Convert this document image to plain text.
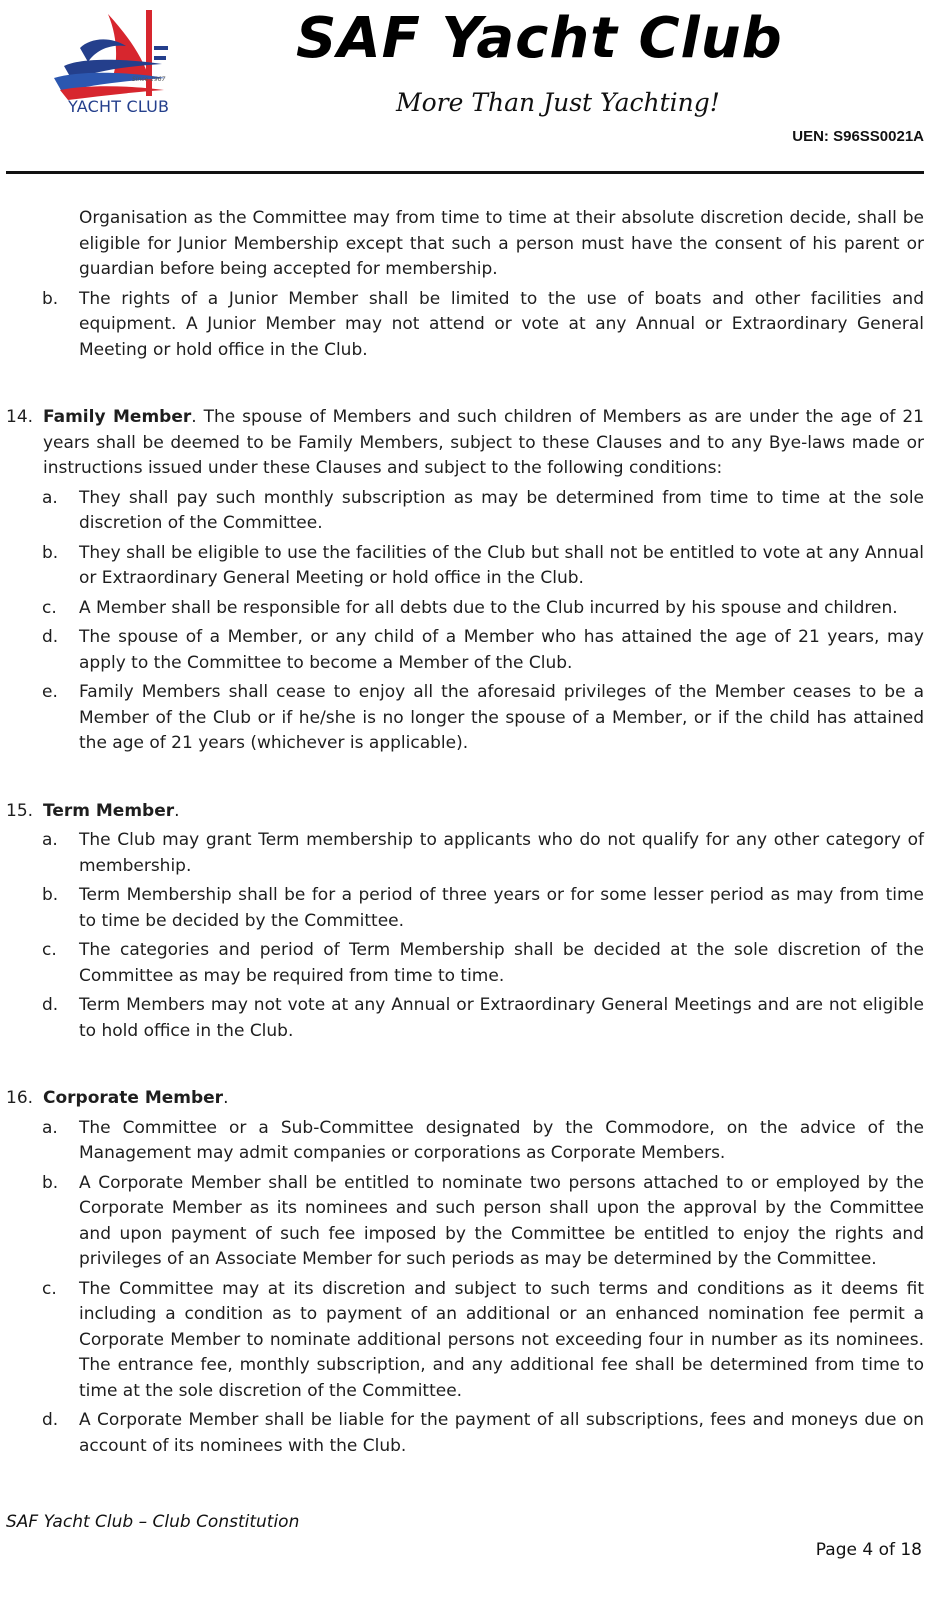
Since 1967
YACHT CLUB
SAF Yacht Club
More Than Just Yachting!
UEN: S96SS0021A

Organisation as the Committee may from time to time at their absolute discretion decide, shall be eligible for Junior Membership except that such a person must have the consent of his parent or guardian before being accepted for membership.

b. The rights of a Junior Member shall be limited to the use of boats and other facilities and equipment. A Junior Member may not attend or vote at any Annual or Extraordinary General Meeting or hold office in the Club.

14. Family Member. The spouse of Members and such children of Members as are under the age of 21 years shall be deemed to be Family Members, subject to these Clauses and to any Bye-laws made or instructions issued under these Clauses and subject to the following conditions:

a. They shall pay such monthly subscription as may be determined from time to time at the sole discretion of the Committee.

b. They shall be eligible to use the facilities of the Club but shall not be entitled to vote at any Annual or Extraordinary General Meeting or hold office in the Club.

c. A Member shall be responsible for all debts due to the Club incurred by his spouse and children.

d. The spouse of a Member, or any child of a Member who has attained the age of 21 years, may apply to the Committee to become a Member of the Club.

e. Family Members shall cease to enjoy all the aforesaid privileges of the Member ceases to be a Member of the Club or if he/she is no longer the spouse of a Member, or if the child has attained the age of 21 years (whichever is applicable).

15. Term Member.

a. The Club may grant Term membership to applicants who do not qualify for any other category of membership.

b. Term Membership shall be for a period of three years or for some lesser period as may from time to time be decided by the Committee.

c. The categories and period of Term Membership shall be decided at the sole discretion of the Committee as may be required from time to time.

d. Term Members may not vote at any Annual or Extraordinary General Meetings and are not eligible to hold office in the Club.

16. Corporate Member.

a. The Committee or a Sub-Committee designated by the Commodore, on the advice of the Management may admit companies or corporations as Corporate Members.

b. A Corporate Member shall be entitled to nominate two persons attached to or employed by the Corporate Member as its nominees and such person shall upon the approval by the Committee and upon payment of such fee imposed by the Committee be entitled to enjoy the rights and privileges of an Associate Member for such periods as may be determined by the Committee.

c. The Committee may at its discretion and subject to such terms and conditions as it deems fit including a condition as to payment of an additional or an enhanced nomination fee permit a Corporate Member to nominate additional persons not exceeding four in number as its nominees. The entrance fee, monthly subscription, and any additional fee shall be determined from time to time at the sole discretion of the Committee.

d. A Corporate Member shall be liable for the payment of all subscriptions, fees and moneys due on account of its nominees with the Club.

SAF Yacht Club – Club Constitution
Page 4 of 18
